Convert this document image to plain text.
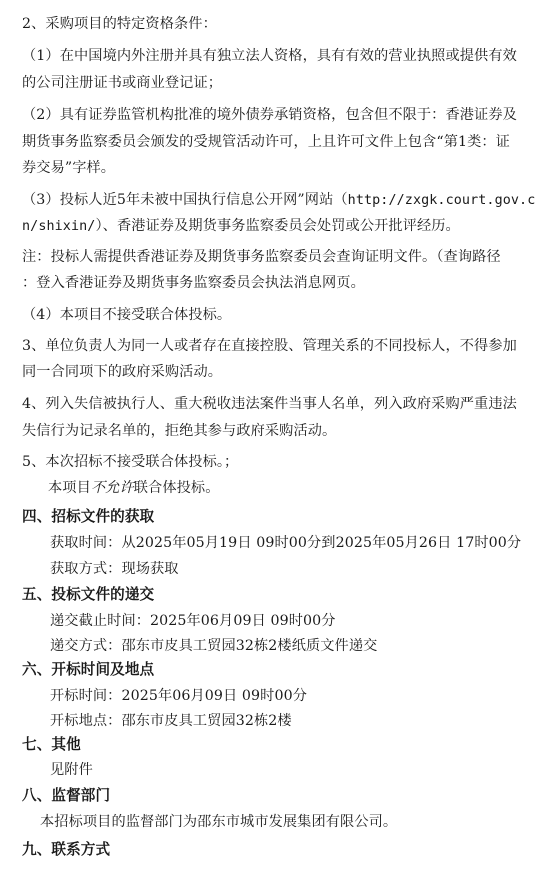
2、采购项目的特定资格条件：
（1）在中国境内外注册并具有独立法人资格，具有有效的营业执照或提供有效
的公司注册证书或商业登记证；
（2）具有证券监管机构批准的境外债券承销资格，包含但不限于：香港证券及
期货事务监察委员会颁发的受规管活动许可，上且许可文件上包含“第1类：证
券交易”字样。
（3）投标人近5年未被中国执行信息公开网”网站（http://zxgk.court.gov.c
n/shixin/）、香港证券及期货事务监察委员会处罚或公开批评经历。
注：投标人需提供香港证券及期货事务监察委员会查询证明文件。（查询路径
：登入香港证券及期货事务监察委员会执法消息网页。
（4）本项目不接受联合体投标。
3、单位负责人为同一人或者存在直接控股、管理关系的不同投标人，不得参加
同一合同项下的政府采购活动。
4、列入失信被执行人、重大税收违法案件当事人名单，列入政府采购严重违法
失信行为记录名单的，拒绝其参与政府采购活动。
5、本次招标不接受联合体投标。；
本项目不允许联合体投标。
四、招标文件的获取
获取时间：从2025年05月19日 09时00分到2025年05月26日 17时00分
获取方式：现场获取
五、投标文件的递交
递交截止时间：2025年06月09日 09时00分
递交方式：邵东市皮具工贸园32栋2楼纸质文件递交
六、开标时间及地点
开标时间：2025年06月09日 09时00分
开标地点：邵东市皮具工贸园32栋2楼
七、其他
见附件
八、监督部门
本招标项目的监督部门为邵东市城市发展集团有限公司。
九、联系方式
